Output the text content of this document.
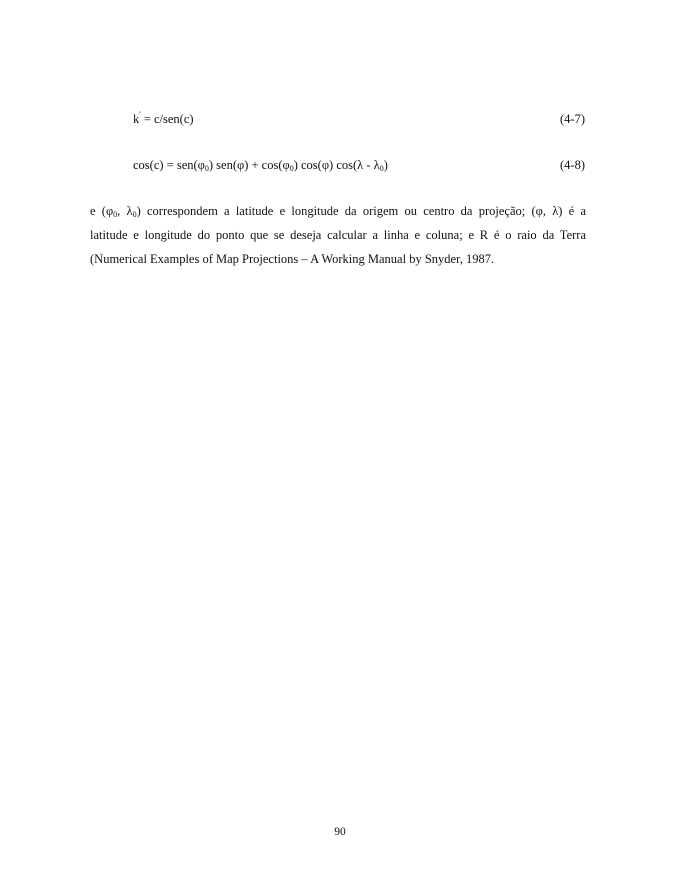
k' = c/sen(c)	(4-7)
$\cos(c) = sen(\varphi_0) sen(\varphi) + \cos(\varphi_0)$ cos(φ) $\cos(\lambda - \lambda_0)$	(4-8)
e ($\varphi_0$, $\lambda_0$) correspondem a latitude e longitude da origem ou centro da projeção; (φ, λ) é a
latitude e longitude do ponto que se deseja calcular a linha e coluna; e R é o raio da Terra
(Numerical Examples of Map Projections – A Working Manual by Snyder, 1987.
90
